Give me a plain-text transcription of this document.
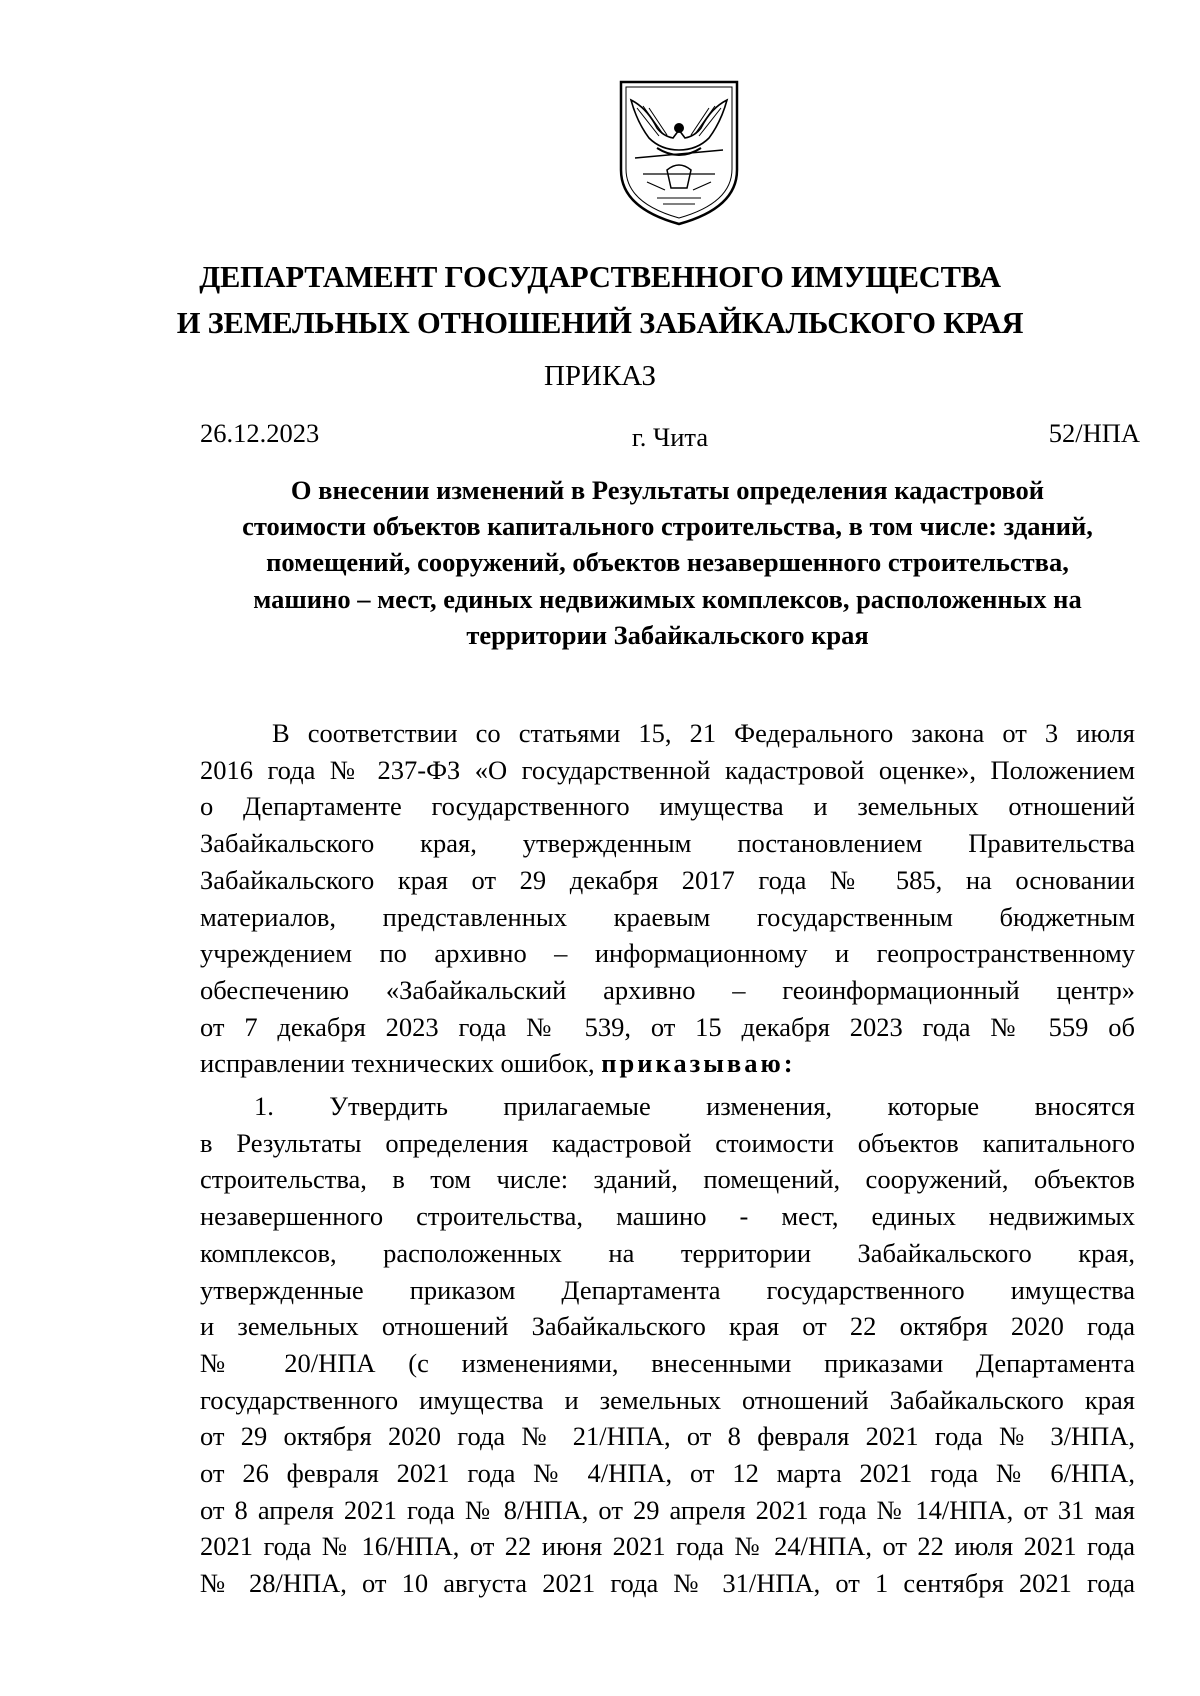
ДЕПАРТАМЕНТ ГОСУДАРСТВЕННОГО ИМУЩЕСТВА
И ЗЕМЕЛЬНЫХ ОТНОШЕНИЙ ЗАБАЙКАЛЬСКОГО КРАЯ
ПРИКАЗ
26.12.2023	г. Чита	52/НПА
О внесении изменений в Результаты определения кадастровой
стоимости объектов капитального строительства, в том числе: зданий,
помещений, сооружений, объектов незавершенного строительства,
машино – мест, единых недвижимых комплексов, расположенных на
территории Забайкальского края
В соответствии со статьями 15, 21 Федерального закона от 3 июля
2016 года № 237-ФЗ «О государственной кадастровой оценке», Положением
о Департаменте государственного имущества и земельных отношений
Забайкальского края, утвержденным постановлением Правительства
Забайкальского края от 29 декабря 2017 года № 585, на основании
материалов, представленных краевым государственным бюджетным
учреждением по архивно – информационному и геопространственному
обеспечению «Забайкальский архивно – геоинформационный центр»
от 7 декабря 2023 года № 539, от 15 декабря 2023 года № 559 об
исправлении технических ошибок, приказываю:
1. Утвердить прилагаемые изменения, которые вносятся
в Результаты определения кадастровой стоимости объектов капитального
строительства, в том числе: зданий, помещений, сооружений, объектов
незавершенного строительства, машино - мест, единых недвижимых
комплексов, расположенных на территории Забайкальского края,
утвержденные приказом Департамента государственного имущества
и земельных отношений Забайкальского края от 22 октября 2020 года
№ 20/НПА (с изменениями, внесенными приказами Департамента
государственного имущества и земельных отношений Забайкальского края
от 29 октября 2020 года № 21/НПА, от 8 февраля 2021 года № 3/НПА,
от 26 февраля 2021 года № 4/НПА, от 12 марта 2021 года № 6/НПА,
от 8 апреля 2021 года № 8/НПА, от 29 апреля 2021 года № 14/НПА, от 31 мая
2021 года № 16/НПА, от 22 июня 2021 года № 24/НПА, от 22 июля 2021 года
№ 28/НПА, от 10 августа 2021 года № 31/НПА, от 1 сентября 2021 года
